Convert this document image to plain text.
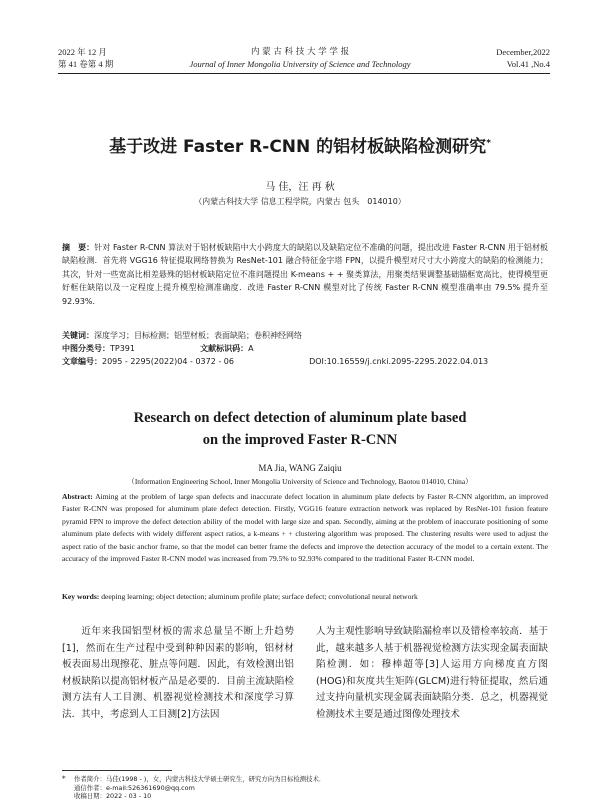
2022 年 12 月
第 41 卷第 4 期
内 蒙 古 科 技 大 学 学 报
Journal of Inner Mongolia University of Science and Technology
December,2022
Vol.41 ,No.4
基于改进 Faster R-CNN 的铝材板缺陷检测研究*
马 佳，汪 再 秋
（内蒙古科技大学 信息工程学院，内蒙古 包头　014010）
摘　要：针对 Faster R-CNN 算法对于铝材板缺陷中大小跨度大的缺陷以及缺陷定位不准确的问题，提出改进 Faster R-CNN 用于铝材板缺陷检测．首先将 VGG16 特征提取网络替换为 ResNet-101 融合特征金字塔 FPN，以提升模型对尺寸大小跨度大的缺陷的检测能力；其次，针对一些宽高比相差悬殊的铝材板缺陷定位不准问题提出 K-means + + 聚类算法，用聚类结果调整基础锚框宽高比，使得模型更好框住缺陷以及一定程度上提升模型检测准确度．改进 Faster R-CNN 模型对比了传统 Faster R-CNN 模型准确率由 79.5% 提升至 92.93%．
关键词：深度学习；目标检测；铝型材板；表面缺陷；卷积神经网络
中图分类号：TP391	文献标识码：A
文章编号：2095 - 2295(2022)04 - 0372 - 06	DOI:10.16559/j.cnki.2095-2295.2022.04.013
Research on defect detection of aluminum plate based
on the improved Faster R-CNN
MA Jia, WANG Zaiqiu
（Information Engineering School, Inner Mongolia University of Science and Technology, Baotou 014010, China）
Abstract: Aiming at the problem of large span defects and inaccurate defect location in aluminum plate defects by Faster R-CNN algorithm, an improved Faster R-CNN was proposed for aluminum plate defect detection. Firstly, VGG16 feature extraction network was replaced by ResNet-101 fusion feature pyramid FPN to improve the defect detection ability of the model with large size and span. Secondly, aiming at the problem of inaccurate positioning of some aluminum plate defects with widely different aspect ratios, a k-means + + clustering algorithm was proposed. The clustering results were used to adjust the aspect ratio of the basic anchor frame, so that the model can better frame the defects and improve the detection accuracy of the model to a certain extent. The accuracy of the improved Faster R-CNN model was increased from 79.5% to 92.93% compared to the traditional Faster R-CNN model.
Key words: deeping learning; object detection; aluminum profile plate; surface defect; convolutional neural network

近年来我国铝型材板的需求总量呈不断上升趋势[1]，然而在生产过程中受到种种因素的影响，铝材材板表面易出现擦花、脏点等问题．因此，有效检测出铝材板缺陷以提高铝材板产品是必要的．目前主流缺陷检测方法有人工目测、机器视觉检测技术和深度学习算法．其中，考虑到人工目测[2]方法因

人为主观性影响导致缺陷漏检率以及错检率较高．基于此，越来越多人基于机器视觉检测方法实现金属表面缺陷检测．如：穆棒超等[3]人运用方向梯度直方图(HOG)和灰度共生矩阵(GLCM)进行特征提取，然后通过支持向量机实现金属表面缺陷分类．总之，机器视觉检测技术主要是通过图像处理技术

* 作者简介：马佳(1998 - )，女，内蒙古科技大学硕士研究生，研究方向为目标检测技术．
通信作者：e-mail:526361690@qq.com
收稿日期：2022 - 03 - 10
